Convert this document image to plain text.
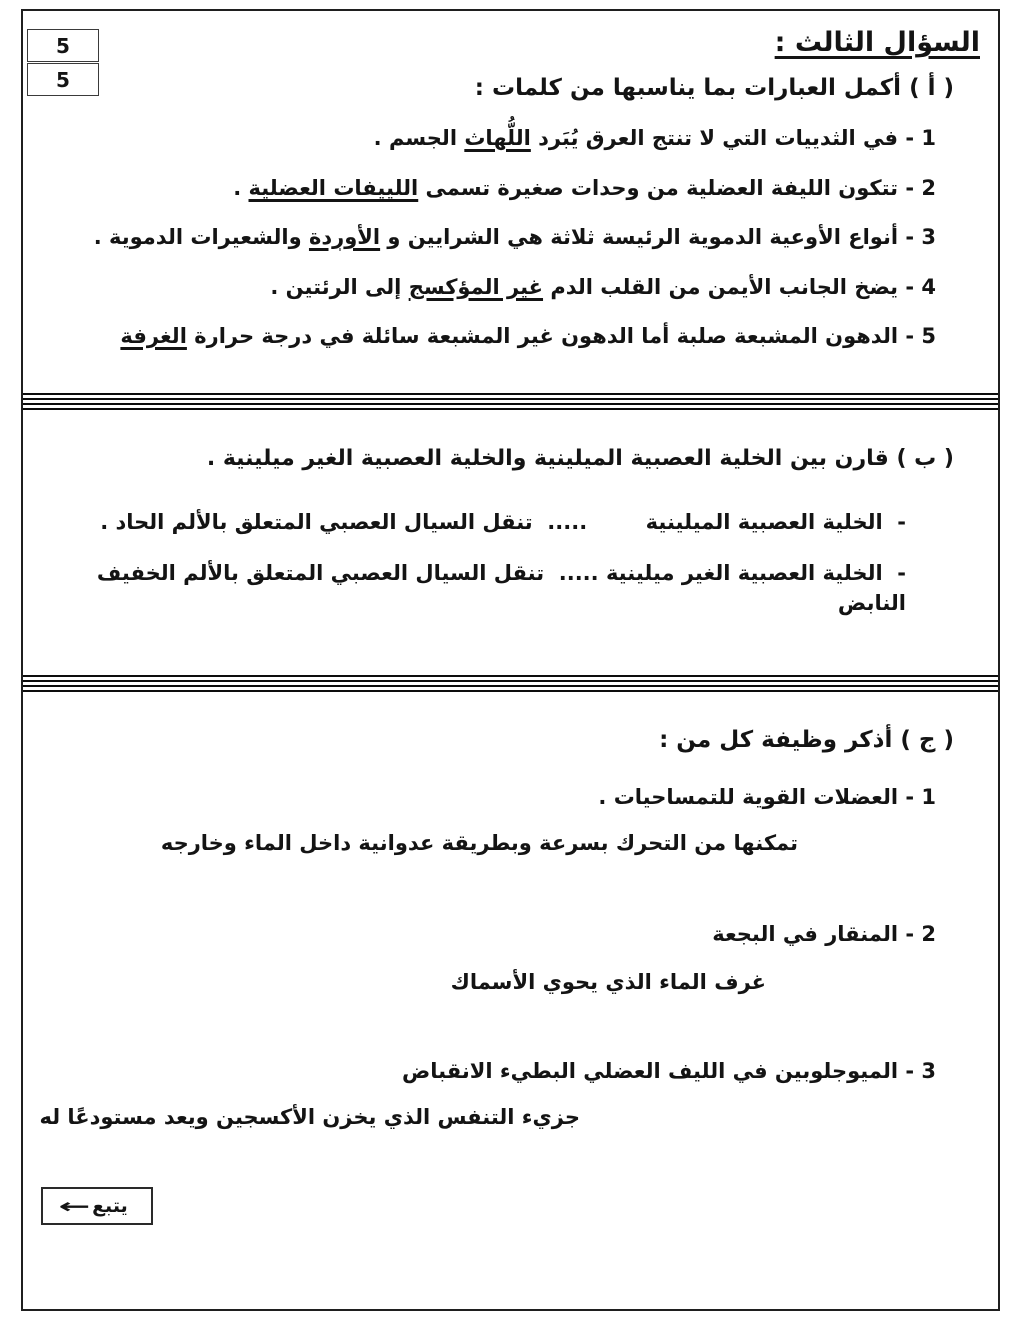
5
5
السؤال الثالث :
( أ ) أكمل العبارات بما يناسبها من كلمات :
1 - في الثدييات التي لا تنتج العرق يُبَرد اللُّهاث الجسم .
2 - تتكون الليفة العضلية من وحدات صغيرة تسمى اللييفات العضلية .
3 - أنواع الأوعية الدموية الرئيسة ثلاثة هي الشرايين و الأوردة والشعيرات الدموية .
4 - يضخ الجانب الأيمن من القلب الدم غير المؤكسج إلى الرئتين .
5 - الدهون المشبعة صلبة أما الدهون غير المشبعة سائلة في درجة حرارة الغرفة
( ب ) قارن بين الخلية العصبية الميلينية والخلية العصبية الغير ميلينية .
-  الخلية العصبية الميلينية        .....  تنقل السيال العصبي المتعلق بالألم الحاد .
-  الخلية العصبية الغير ميلينية .....  تنقل السيال العصبي المتعلق بالألم الخفيف النابض
( ج ) أذكر وظيفة كل من :
1 - العضلات القوية للتمساحيات .
تمكنها من التحرك بسرعة وبطريقة عدوانية داخل الماء وخارجه
2 - المنقار في البجعة
غرف الماء الذي يحوي الأسماك
3 - الميوجلوبين في الليف العضلي البطيء الانقباض
جزيء التنفس الذي يخزن الأكسجين ويعد مستودعًا له
يتبع
←
